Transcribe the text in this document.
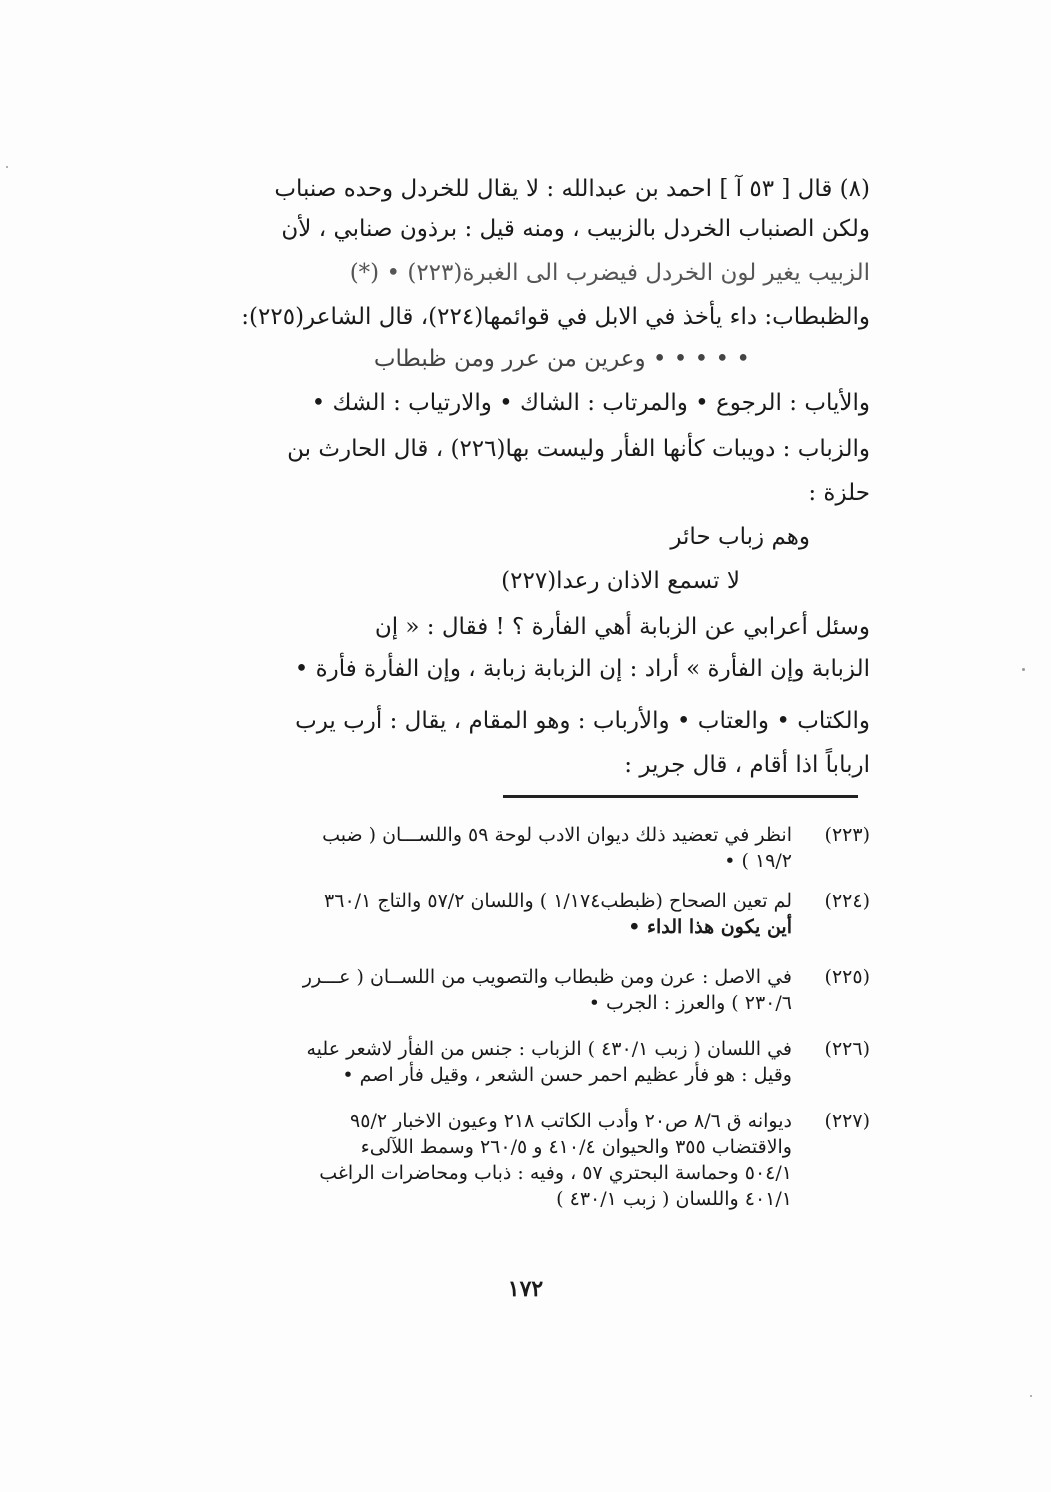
(٨) قال [ ٥٣ آ ] احمد بن عبدالله : لا يقال للخردل وحده صنباب
ولكن الصنباب الخردل بالزبيب ، ومنه قيل : برذون صنابي ، لأن
الزبيب يغير لون الخردل فيضرب الى الغبرة(٢٢٣) • (*)
والظبطاب: داء يأخذ في الابل في قوائمها(٢٢٤)، قال الشاعر(٢٢٥):
• • • • • وعرين من عرر ومن ظبطاب
والأياب : الرجوع • والمرتاب : الشاك • والارتياب : الشك •
والزباب : دويبات كأنها الفأر وليست بها(٢٢٦) ، قال الحارث بن
حلزة :
وهم زباب حائر
لا تسمع الاذان رعدا(٢٢٧)
وسئل أعرابي عن الزبابة أهي الفأرة ؟ ! فقال : « إن
الزبابة وإن الفأرة » أراد : إن الزبابة زبابة ، وإن الفأرة فأرة •
والكتاب • والعتاب • والأرباب : وهو المقام ، يقال : أرب يرب
ارباباً اذا أقام ، قال جرير :
(٢٢٣)
انظر في تعضيد ذلك ديوان الادب لوحة ٥٩ واللســـان ( ضبب
١٩/٢ ) •
(٢٢٤)
لم تعين الصحاح (ظبطب١/١٧٤ ) واللسان ٥٧/٢ والتاج ٣٦٠/١
أين يكون هذا الداء •
(٢٢٥)
في الاصل : عرن ومن ظبطاب والتصويب من اللســان ( عـــرر
٢٣٠/٦ ) والعرز : الجرب •
(٢٢٦)
في اللسان ( زبب ٤٣٠/١ ) الزباب : جنس من الفأر لاشعر عليه
وقيل : هو فأر عظيم احمر حسن الشعر ، وقيل فأر اصم •
(٢٢٧)
ديوانه ق ٨/٦ ص٢٠ وأدب الكاتب ٢١٨ وعيون الاخبار ٩٥/٢
والاقتضاب ٣٥٥ والحيوان ٤١٠/٤ و ٢٦٠/٥ وسمط اللآلىء
٥٠٤/١ وحماسة البحتري ٥٧ ، وفيه : ذباب ومحاضرات الراغب
٤٠١/١ واللسان ( زبب ٤٣٠/١ )
١٧٢
